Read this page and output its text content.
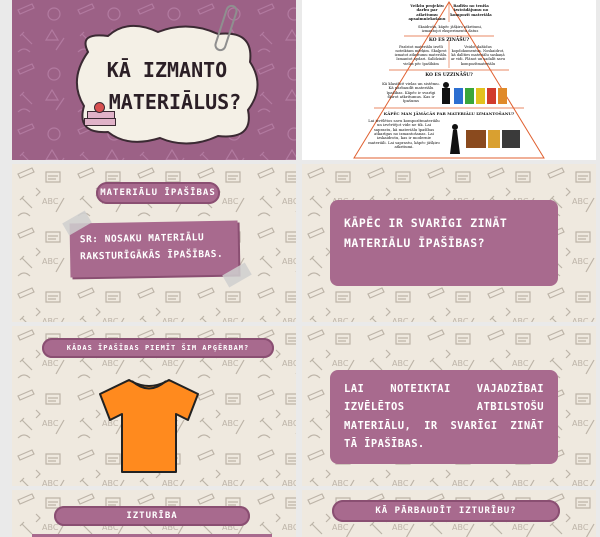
KĀ IZMANTO
MATERIĀLUS?
Veikšu projektu darbu par atkritumu apsaimniekošanu
Radīšu no teniša izstrādājumu no kompozīt materiāla
Skaidrošu, kāpēc jāšķiro atkritumi, izmantojot eksperimentu datus
KO ES ZINĀŠU?
Pazīstot materiālu izvēli noteiktam mērķim. Skaļprot izmatot atkritumu materiālu. Izmantot apdari. Salīdzināt vielas pēc īpašībām
Veidot dažādus kopdokumentus. Noskaidrot, kā dalīties materiālu saskaņā ar vidi. Plānot un sadalīt savu kompozītmateriālu
KO ES UZZINĀŠU?
Kā klasificē vielas un sistēmu. Kā pārbaudīt materiālu īpašības. Kāpēc ir svarīgi šķirot atkritumus. Kas ir īpašums
KĀPĒC MAN JĀMĀCĀS PAR MATERIĀLU IZMANTOŠANU?
Lai izvēlētos savu kompozītmateriālu un izvērtējot vide ne tik. Lai saprastu, kā materiālu īpašības atkarīgas no izmantošanas. Lai izskaidrotu, kas ir modernie materiāli. Lai saprastu, kāpēc jāšķiro atkritumi.
MATERIĀLU ĪPAŠĪBAS
SR: NOSAKU MATERIĀLU RAKSTURĪGĀKĀS ĪPAŠĪBAS.
KĀPĒC IR SVARĪGI ZINĀT MATERIĀLU ĪPAŠĪBAS?
KĀDAS ĪPAŠĪBAS PIEMĪT ŠIM APĢĒRBAM?
LAI NOTEIKTAI VAJADZĪBAI IZVĒLĒTOS ATBILSTOŠU MATERIĀLU, IR SVARĪGI ZINĀT TĀ ĪPAŠĪBAS.
IZTURĪBA	KĀ PĀRBAUDĪT IZTURĪBU?
